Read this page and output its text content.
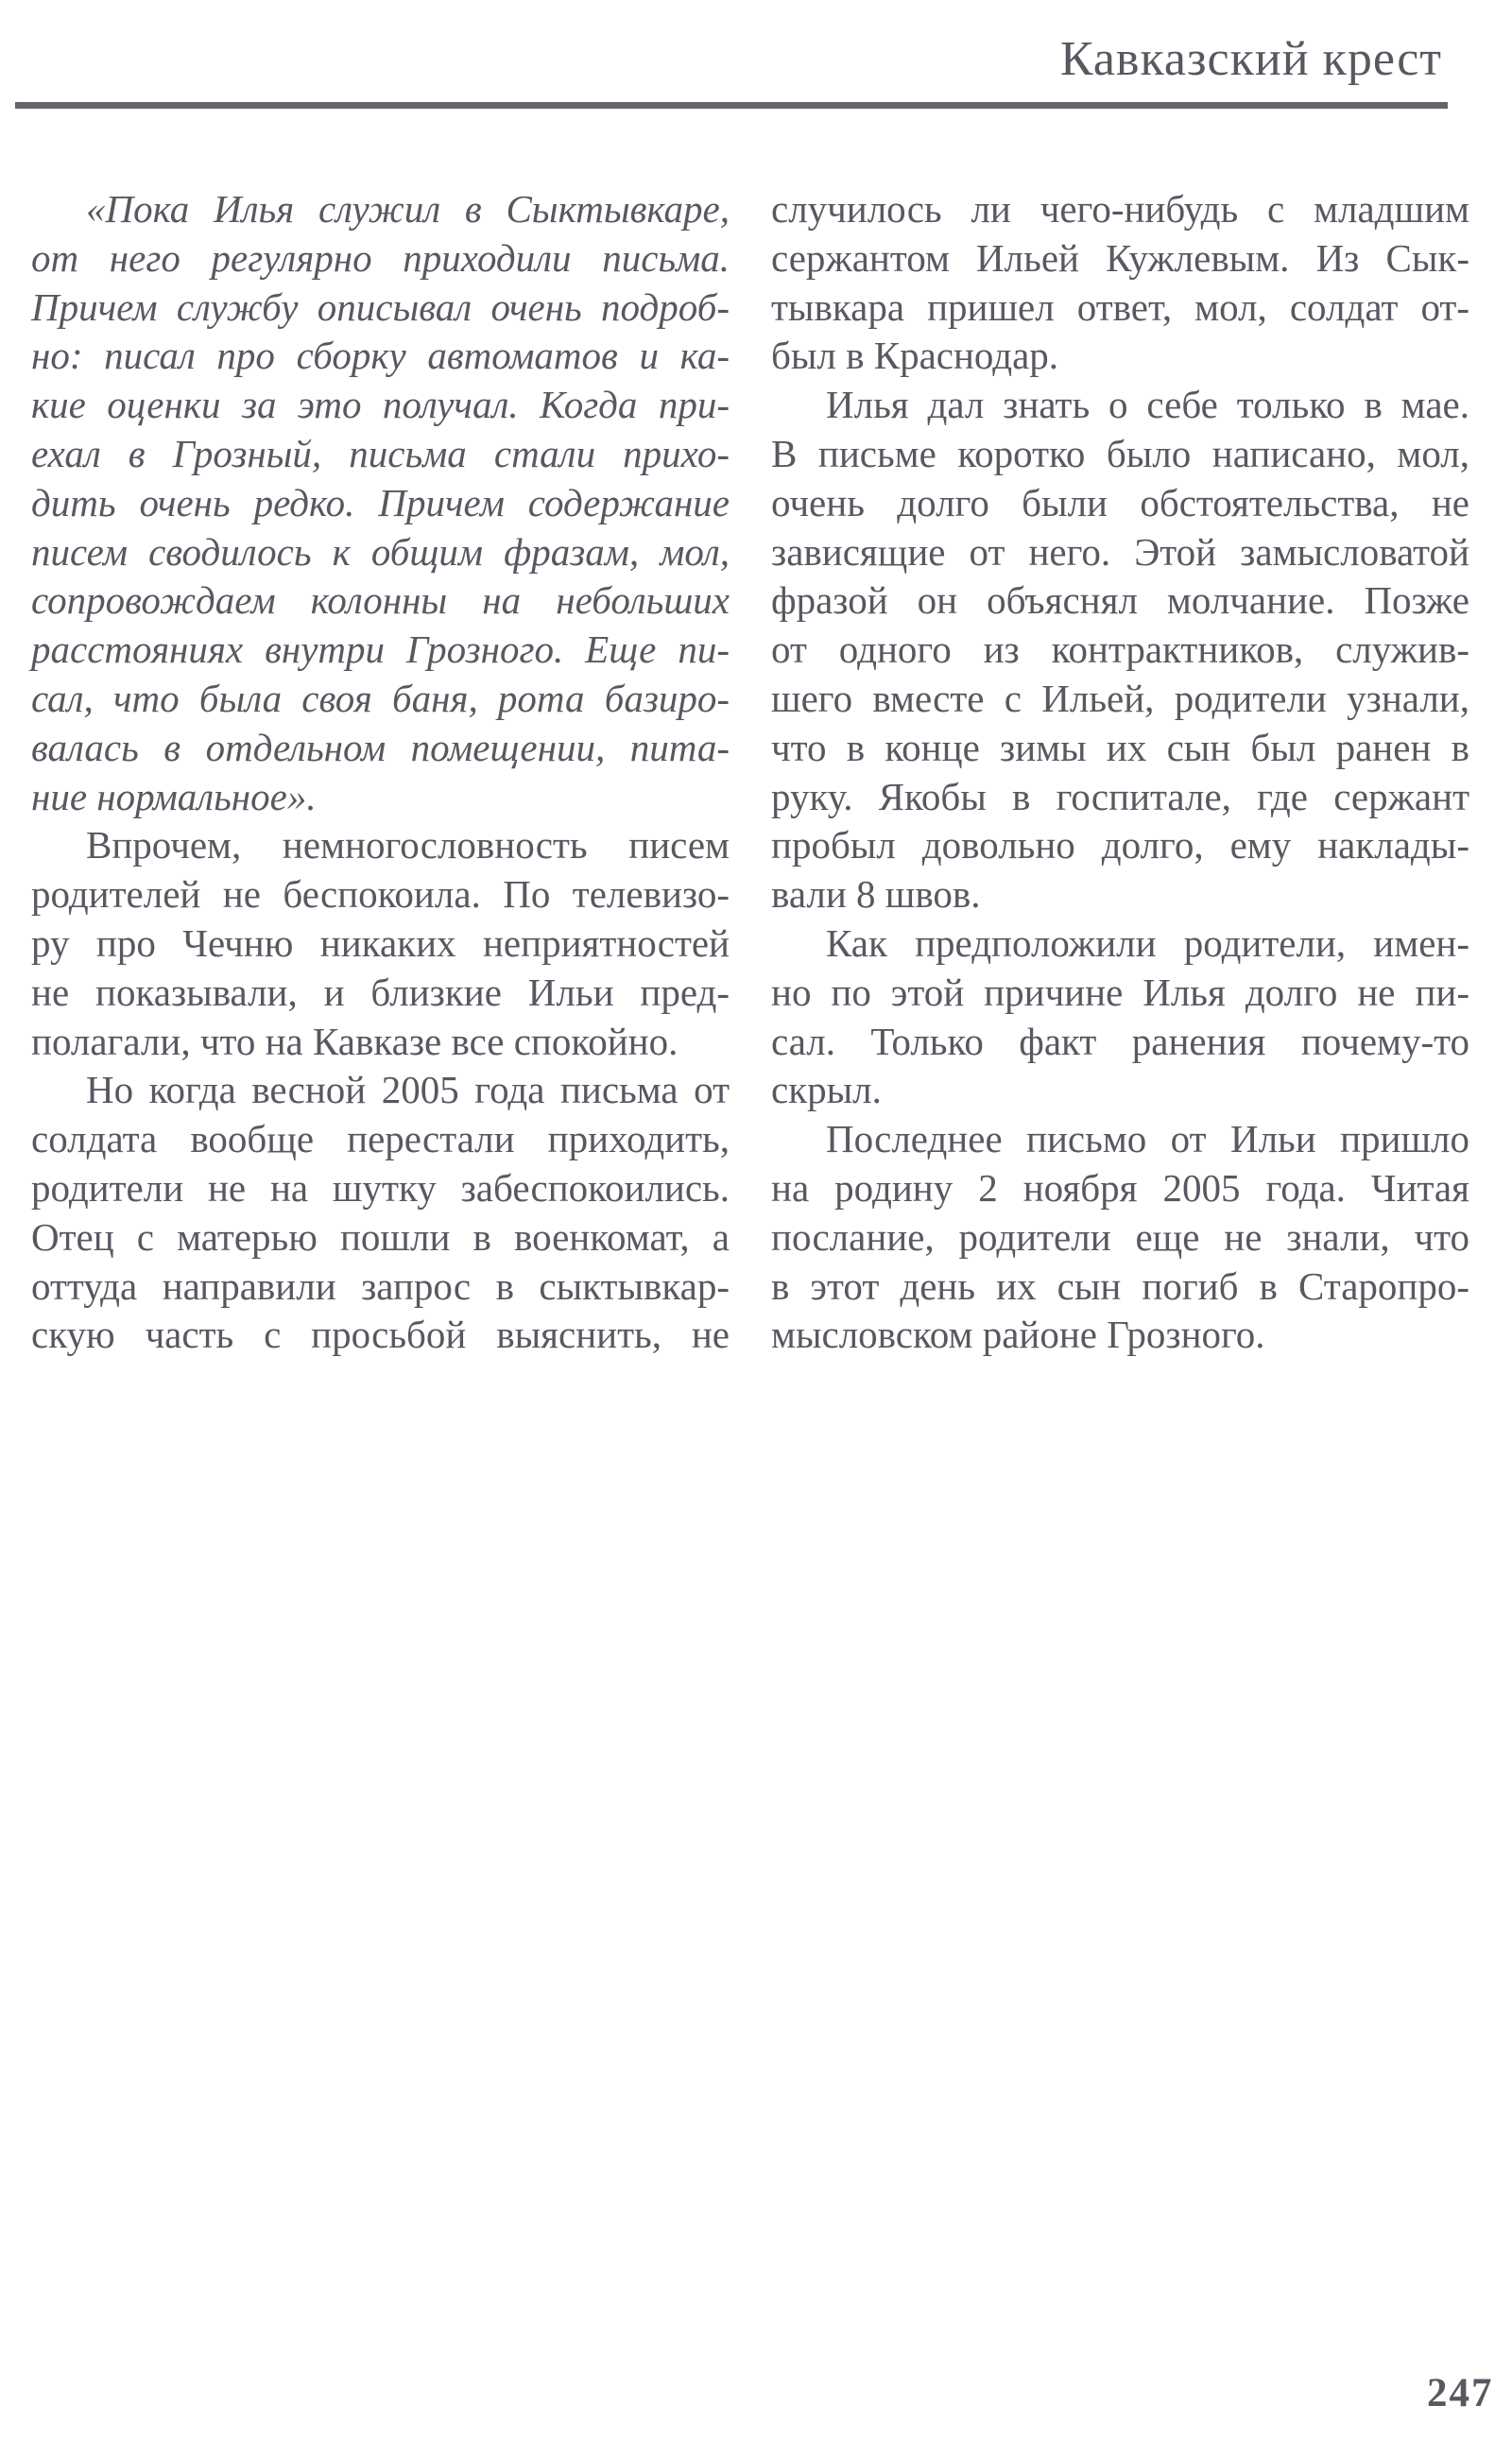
Кавказский крест
«Пока Илья служил в Сыктывкаре,
от него регулярно приходили письма.
Причем службу описывал очень подроб-
но: писал про сборку автоматов и ка-
кие оценки за это получал. Когда при-
ехал в Грозный, письма стали прихо-
дить очень редко. Причем содержание
писем сводилось к общим фразам, мол,
сопровождаем колонны на небольших
расстояниях внутри Грозного. Еще пи-
сал, что была своя баня, рота базиро-
валась в отдельном помещении, пита-
ние нормальное».
Впрочем, немногословность писем
родителей не беспокоила. По телевизо-
ру про Чечню никаких неприятностей
не показывали, и близкие Ильи пред-
полагали, что на Кавказе все спокойно.
Но когда весной 2005 года письма от
солдата вообще перестали приходить,
родители не на шутку забеспокоились.
Отец с матерью пошли в военкомат, а
оттуда направили запрос в сыктывкар-
скую часть с просьбой выяснить, не
случилось ли чего-нибудь с младшим
сержантом Ильей Кужлевым. Из Сык-
тывкара пришел ответ, мол, солдат от-
был в Краснодар.
Илья дал знать о себе только в мае.
В письме коротко было написано, мол,
очень долго были обстоятельства, не
зависящие от него. Этой замысловатой
фразой он объяснял молчание. Позже
от одного из контрактников, служив-
шего вместе с Ильей, родители узнали,
что в конце зимы их сын был ранен в
руку. Якобы в госпитале, где сержант
пробыл довольно долго, ему наклады-
вали 8 швов.
Как предположили родители, имен-
но по этой причине Илья долго не пи-
сал. Только факт ранения почему-то
скрыл.
Последнее письмо от Ильи пришло
на родину 2 ноября 2005 года. Читая
послание, родители еще не знали, что
в этот день их сын погиб в Старопро-
мысловском районе Грозного.
247
